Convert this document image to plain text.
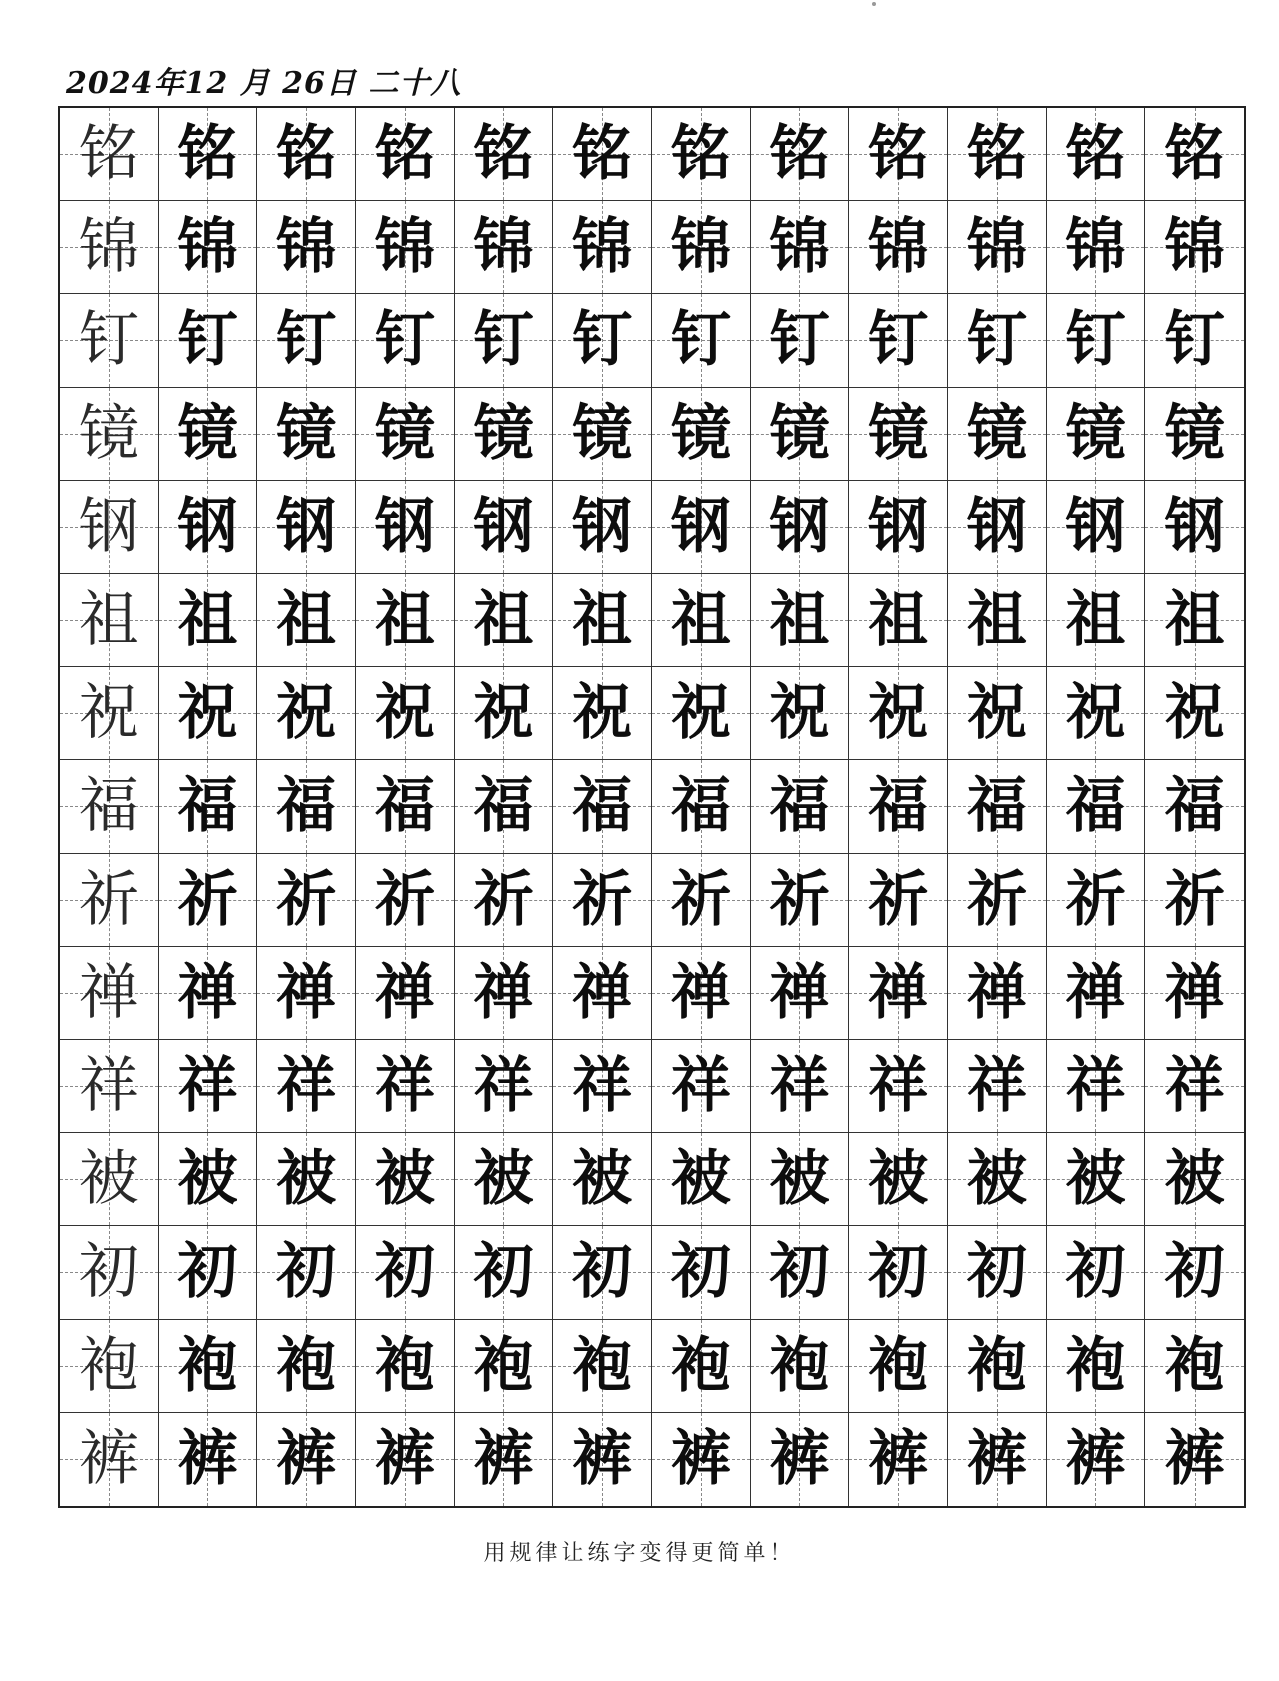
2024年12 月 26日 二十八
铭 铭 铭 铭 铭 铭 铭 铭 铭 铭 铭 铭
锦 锦 锦 锦 锦 锦 锦 锦 锦 锦 锦 锦
钉 钉 钉 钉 钉 钉 钉 钉 钉 钉 钉 钉
镜 镜 镜 镜 镜 镜 镜 镜 镜 镜 镜 镜
钢 钢 钢 钢 钢 钢 钢 钢 钢 钢 钢 钢
祖 祖 祖 祖 祖 祖 祖 祖 祖 祖 祖 祖
祝 祝 祝 祝 祝 祝 祝 祝 祝 祝 祝 祝
福 福 福 福 福 福 福 福 福 福 福 福
祈 祈 祈 祈 祈 祈 祈 祈 祈 祈 祈 祈
禅 禅 禅 禅 禅 禅 禅 禅 禅 禅 禅 禅
祥 祥 祥 祥 祥 祥 祥 祥 祥 祥 祥 祥
被 被 被 被 被 被 被 被 被 被 被 被
初 初 初 初 初 初 初 初 初 初 初 初
袍 袍 袍 袍 袍 袍 袍 袍 袍 袍 袍 袍
裤 裤 裤 裤 裤 裤 裤 裤 裤 裤 裤 裤
用规律让练字变得更简单！
